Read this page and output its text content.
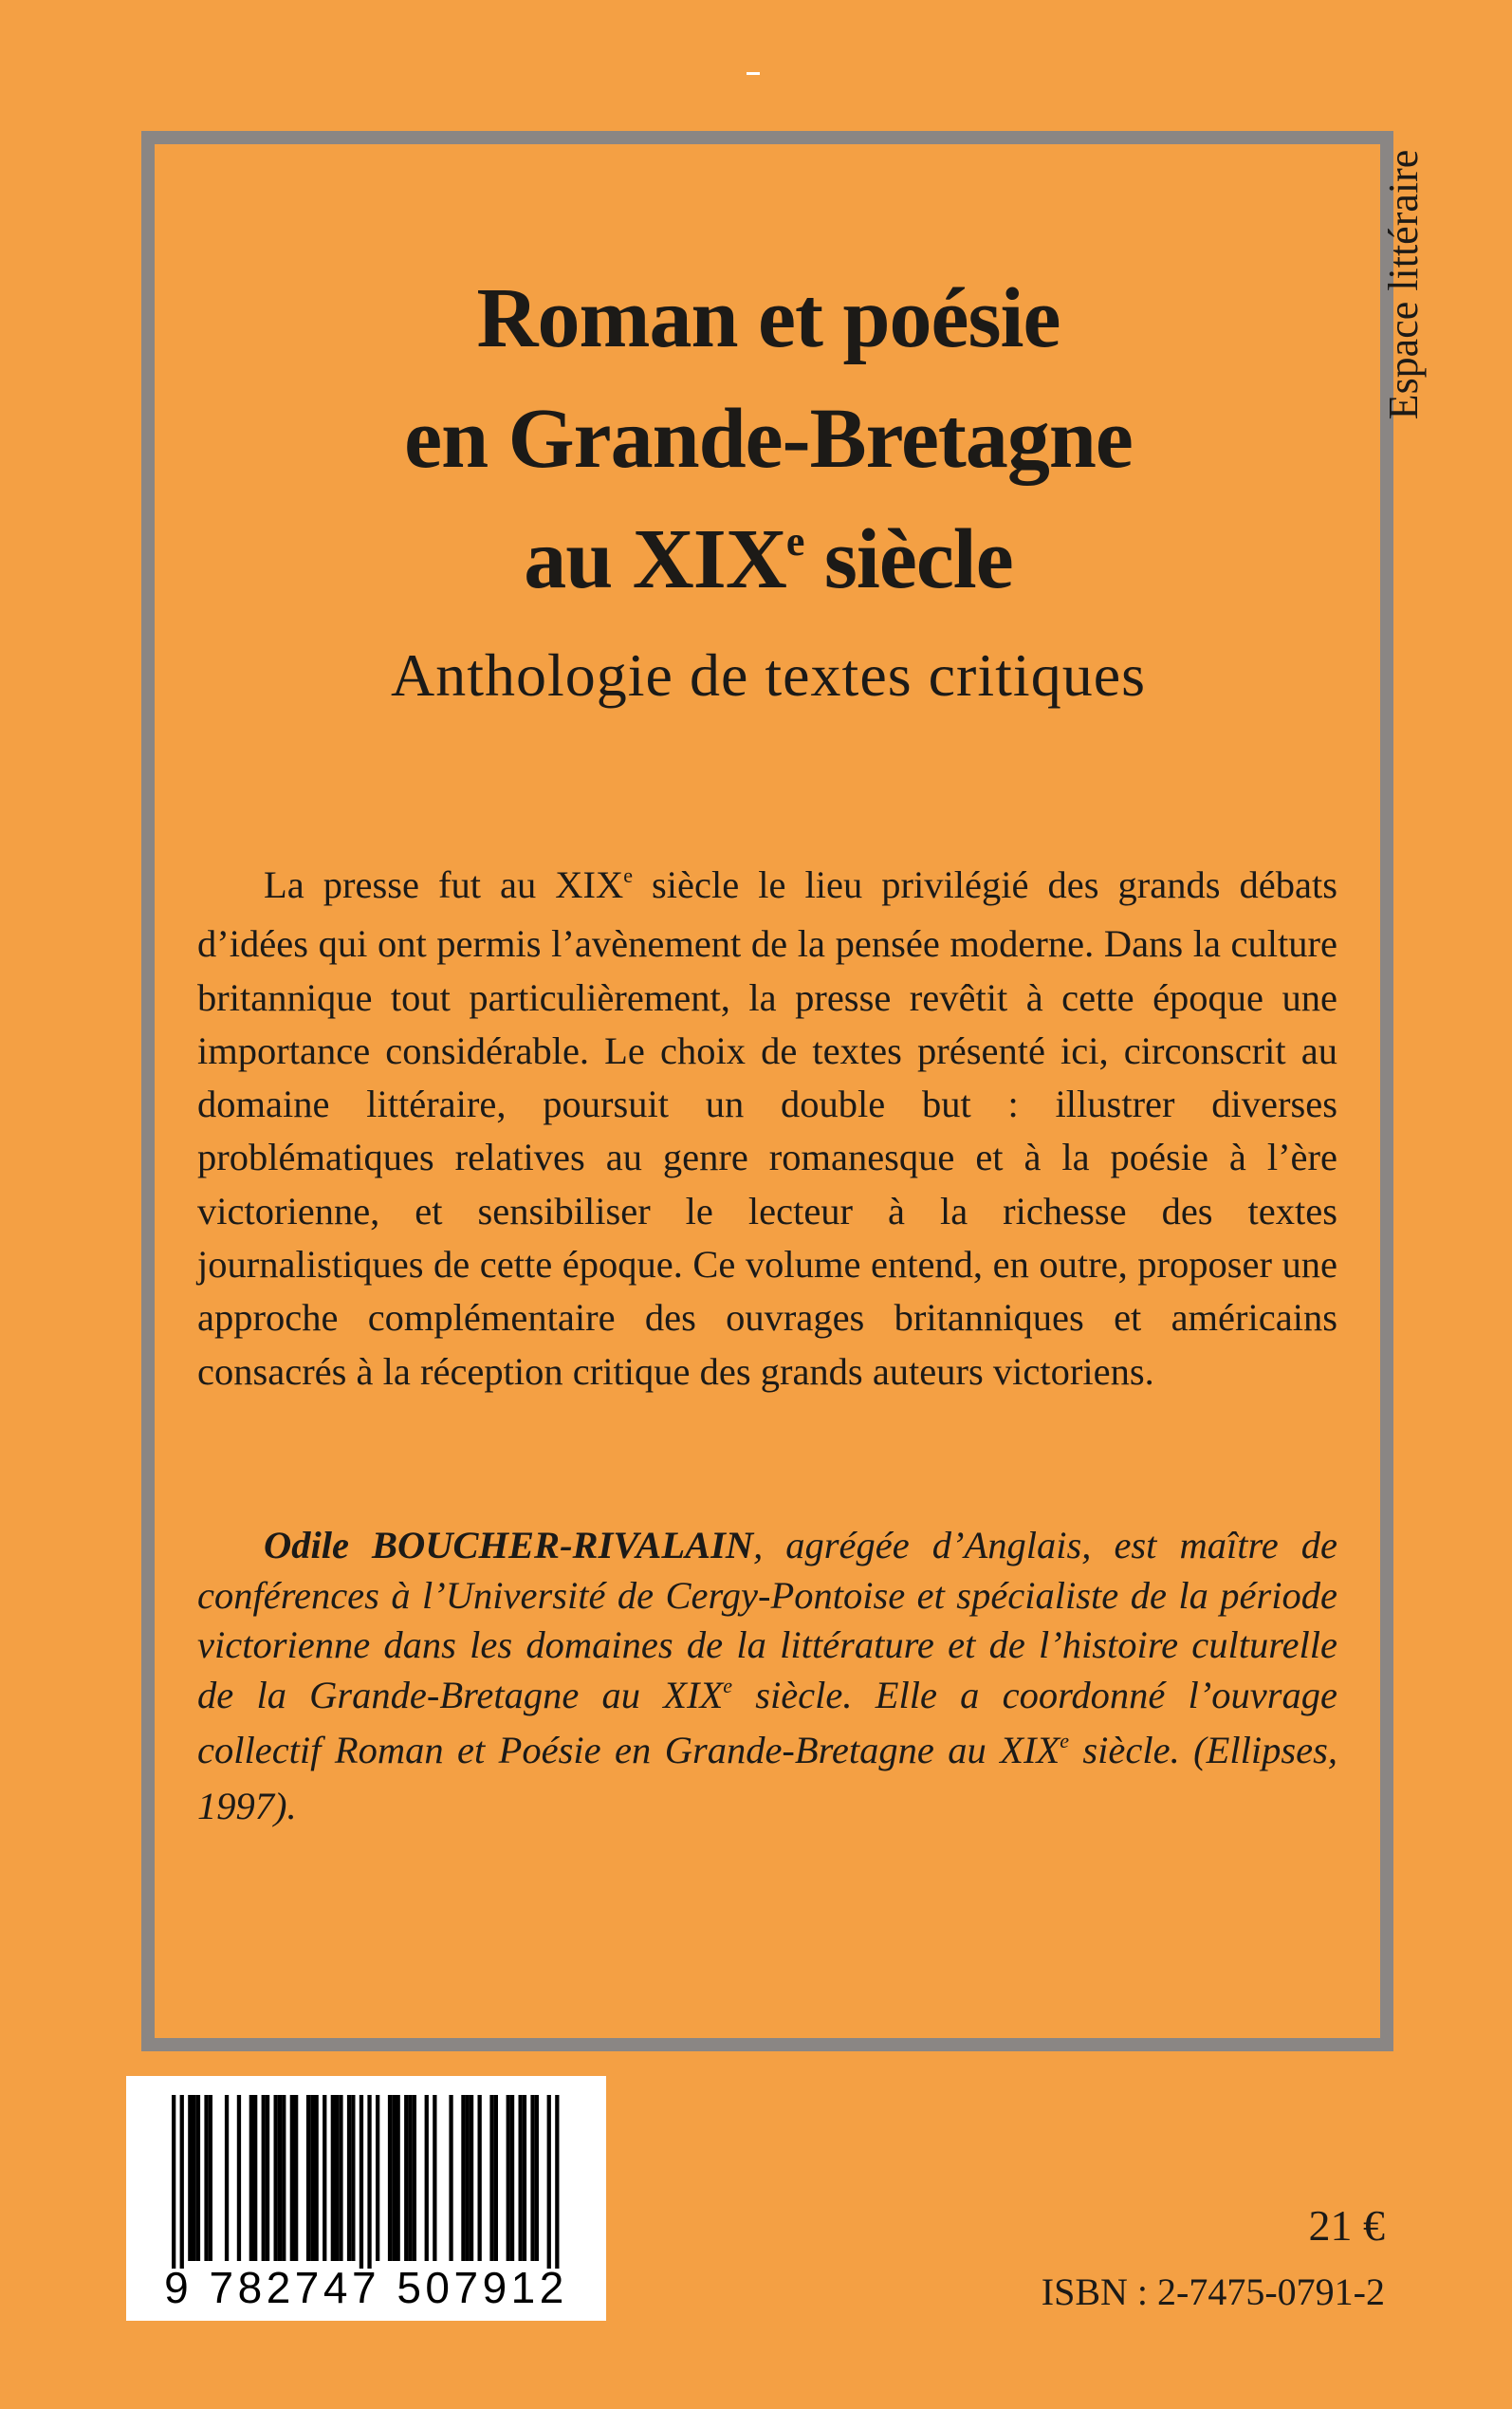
Espace littéraire
Roman et poésie
en Grande-Bretagne
au XIXe siècle
Anthologie de textes critiques
La presse fut au XIXe siècle le lieu privilégié des grands débats d’idées qui ont permis l’avènement de la pensée moderne. Dans la culture britannique tout particulièrement, la presse revêtit à cette époque une importance considérable. Le choix de textes présenté ici, circonscrit au domaine littéraire, poursuit un double but : illustrer diverses problématiques relatives au genre romanesque et à la poésie à l’ère victorienne, et sensibiliser le lecteur à la richesse des textes journalistiques de cette époque. Ce volume entend, en outre, proposer une approche complémentaire des ouvrages britanniques et américains consacrés à la réception critique des grands auteurs victoriens.
Odile BOUCHER-RIVALAIN, agrégée d’Anglais, est maître de conférences à l’Université de Cergy-Pontoise et spécialiste de la période victorienne dans les domaines de la littérature et de l’histoire culturelle de la Grande-Bretagne au XIXe siècle. Elle a coordonné l’ouvrage collectif Roman et Poésie en Grande-Bretagne au XIXe siècle. (Ellipses, 1997).
9 782747 507912
21 €
ISBN : 2-7475-0791-2
